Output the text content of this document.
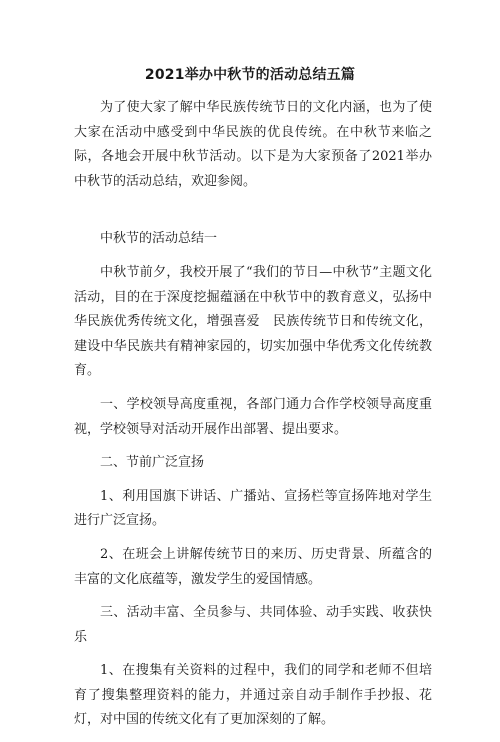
2021举办中秋节的活动总结五篇

为了使大家了解中华民族传统节日的文化内涵，也为了使大家在活动中感受到中华民族的优良传统。在中秋节来临之际，各地会开展中秋节活动。以下是为大家预备了2021举办中秋节的活动总结，欢迎参阅。

中秋节的活动总结一

中秋节前夕，我校开展了“我们的节日—中秋节”主题文化活动，目的在于深度挖掘蕴涵在中秋节中的教育意义，弘扬中华民族优秀传统文化，增强喜爱　民族传统节日和传统文化，建设中华民族共有精神家园的，切实加强中华优秀文化传统教育。

一、学校领导高度重视，各部门通力合作学校领导高度重视，学校领导对活动开展作出部署、提出要求。

二、节前广泛宣扬

1、利用国旗下讲话、广播站、宣扬栏等宣扬阵地对学生进行广泛宣扬。

2、在班会上讲解传统节日的来历、历史背景、所蕴含的丰富的文化底蕴等，激发学生的爱国情感。

三、活动丰富、全员参与、共同体验、动手实践、收获快乐

1、在搜集有关资料的过程中，我们的同学和老师不但培育了搜集整理资料的能力，并通过亲自动手制作手抄报、花灯，对中国的传统文化有了更加深刻的了解。
